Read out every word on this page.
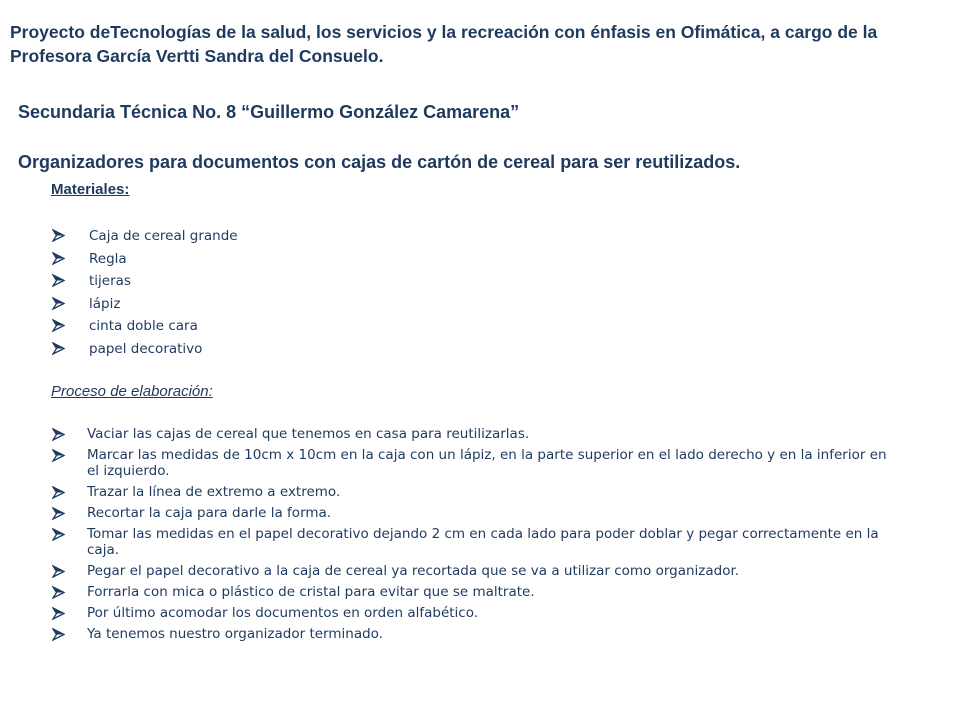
Proyecto deTecnologías de la salud, los servicios y la recreación con énfasis en Ofimática, a cargo de la Profesora García Vertti Sandra del Consuelo.

Secundaria Técnica No. 8 “Guillermo González Camarena”

Organizadores para documentos con cajas de cartón de cereal para ser reutilizados.

Materiales:

Caja de cereal grande
Regla
tijeras
lápiz
cinta doble cara
papel decorativo

Proceso de elaboración:

Vaciar las cajas de cereal que tenemos en casa para reutilizarlas.
Marcar las medidas de 10cm x 10cm en la caja con un lápiz, en la parte superior en el lado derecho y en la inferior en el izquierdo.
Trazar la línea de extremo a extremo.
Recortar la caja para darle la forma.
Tomar las medidas en el papel decorativo dejando 2 cm en cada lado para poder doblar y pegar correctamente en la caja.
Pegar el papel decorativo a la caja de cereal ya recortada que se va a utilizar como organizador.
Forrarla con mica o plástico de cristal para evitar que se maltrate.
Por último acomodar los documentos en orden alfabético.
Ya tenemos nuestro organizador terminado.
